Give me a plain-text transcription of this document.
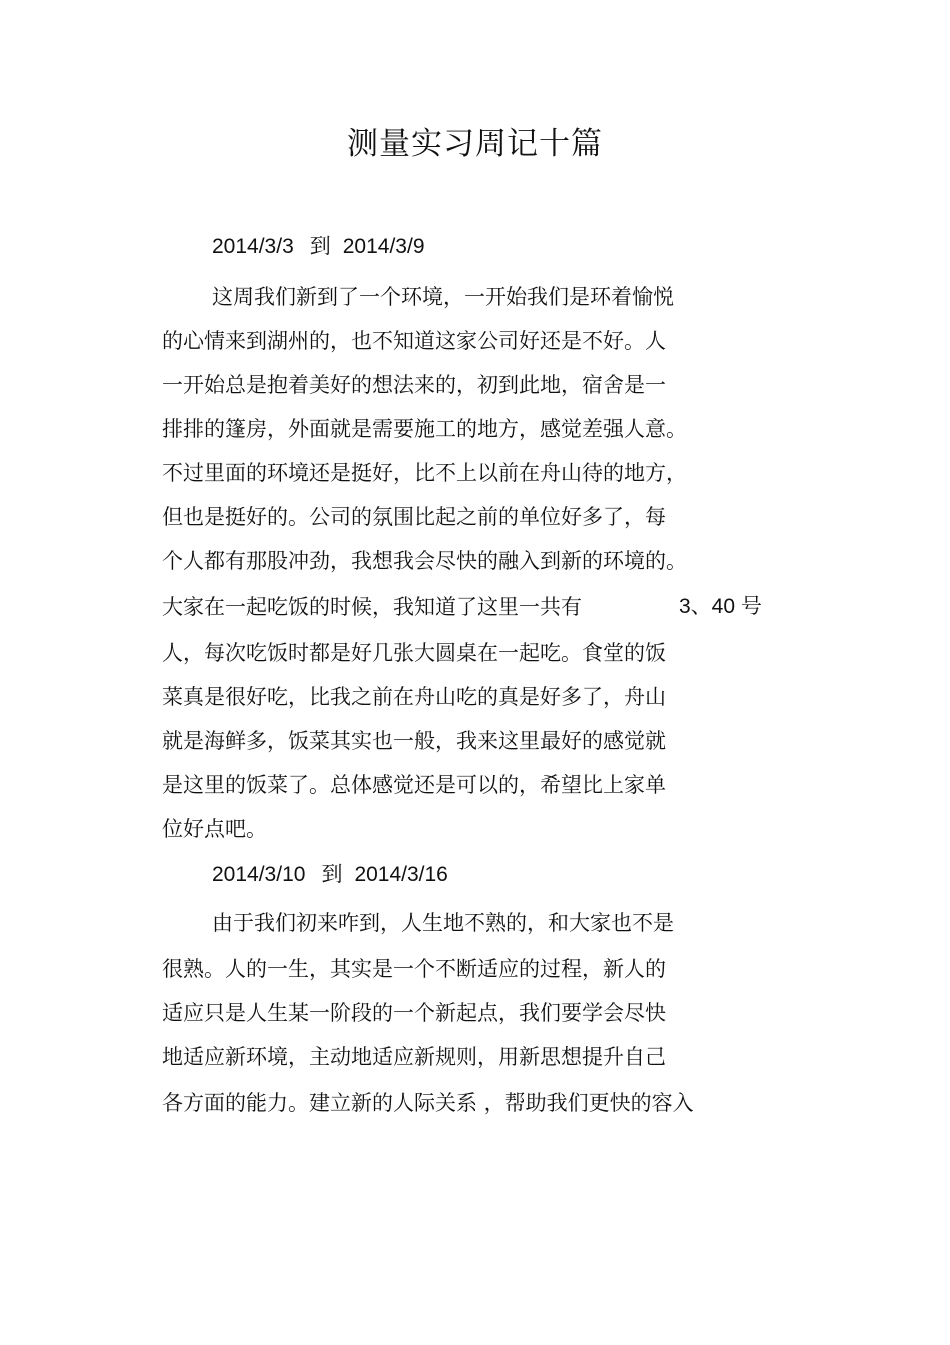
测量实习周记十篇
2014/3/3 到 2014/3/9
这周我们新到了一个环境，一开始我们是环着愉悦
的心情来到湖州的，也不知道这家公司好还是不好。人
一开始总是抱着美好的想法来的，初到此地，宿舍是一
排排的篷房，外面就是需要施工的地方，感觉差强人意。
不过里面的环境还是挺好，比不上以前在舟山待的地方，
但也是挺好的。公司的氛围比起之前的单位好多了，每
个人都有那股冲劲，我想我会尽快的融入到新的环境的。
大家在一起吃饭的时候，我知道了这里一共有	3、40 号
人，每次吃饭时都是好几张大圆桌在一起吃。食堂的饭
菜真是很好吃，比我之前在舟山吃的真是好多了，舟山
就是海鲜多，饭菜其实也一般，我来这里最好的感觉就
是这里的饭菜了。总体感觉还是可以的，希望比上家单
位好点吧。
2014/3/10 到 2014/3/16
由于我们初来咋到，人生地不熟的，和大家也不是
很熟。人的一生，其实是一个不断适应的过程，新人的
适应只是人生某一阶段的一个新起点，我们要学会尽快
地适应新环境，主动地适应新规则，用新思想提升自己
各方面的能力。建立新的人际关系 ，帮助我们更快的容入
